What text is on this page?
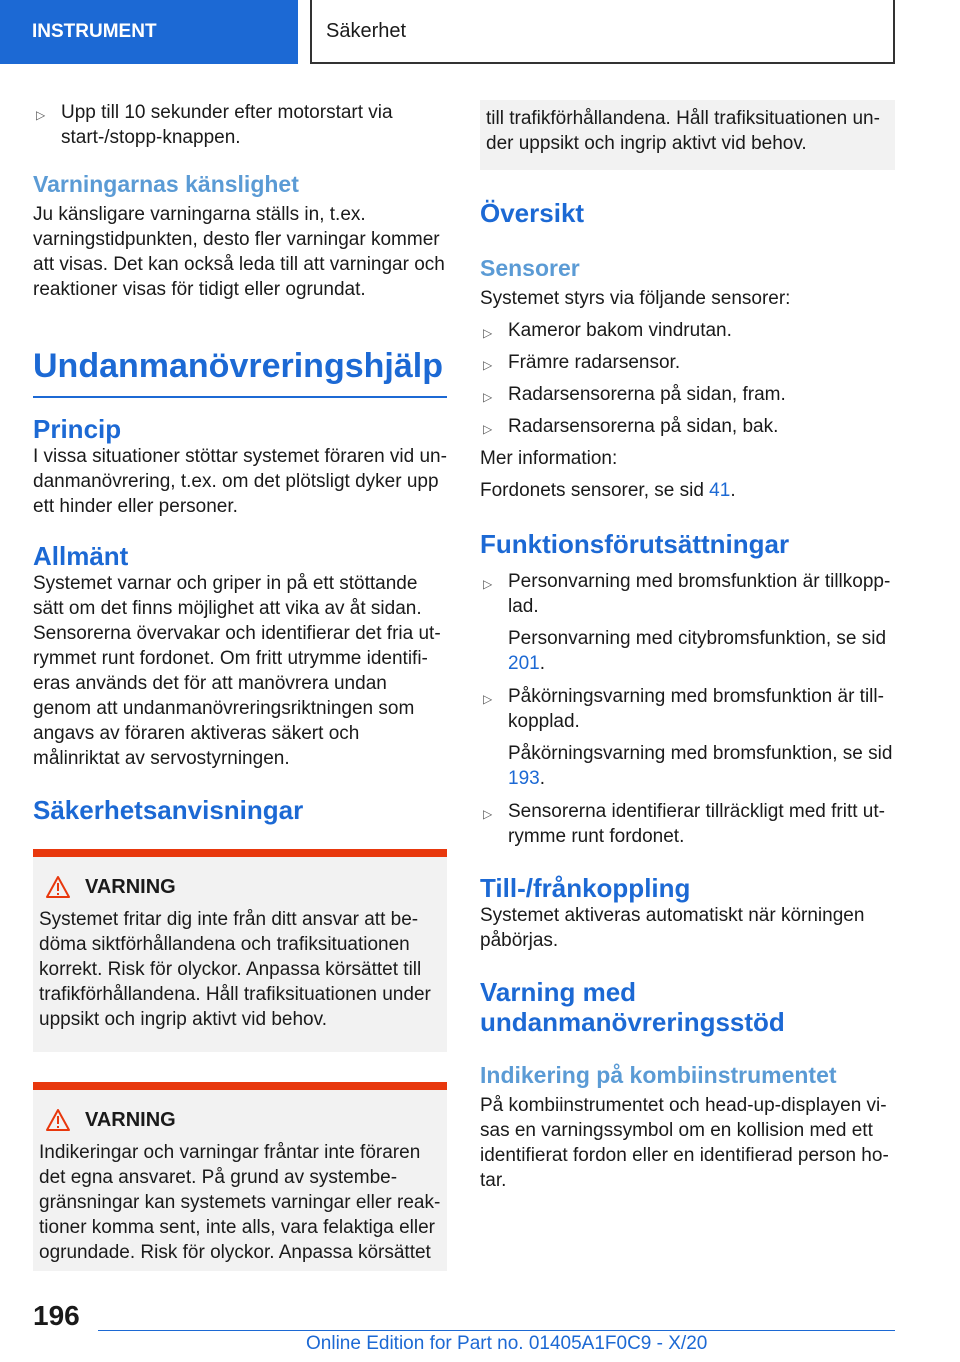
INSTRUMENT	Säkerhet

▷ Upp till 10 sekunder efter motorstart via start-/stopp-knappen.

Varningarnas känslighet

Ju känsligare varningarna ställs in, t.ex. varningstidpunkten, desto fler varningar kommer att visas. Det kan också leda till att varningar och reaktioner visas för tidigt eller ogrundat.

Undanmanövreringshjälp
Princip

I vissa situationer stöttar systemet föraren vid undanmanövrering, t.ex. om det plötsligt dyker upp ett hinder eller personer.

Allmänt

Systemet varnar och griper in på ett stöttande sätt om det finns möjlighet att vika av åt sidan. Sensorerna övervakar och identifierar det fria utrymmet runt fordonet. Om fritt utrymme identifieras används det för att manövrera undan genom att undanmanövreringsriktningen som angavs av föraren aktiveras säkert och målinriktat av servostyrningen.

Säkerhetsanvisningar
VARNING

Systemet fritar dig inte från ditt ansvar att bedöma siktförhållandena och trafiksituationen korrekt. Risk för olyckor. Anpassa körsättet till trafikförhållandena. Håll trafiksituationen under uppsikt och ingrip aktivt vid behov.

VARNING

Indikeringar och varningar fråntar inte föraren det egna ansvaret. På grund av systembegränsningar kan systemets varningar eller reaktioner komma sent, inte alls, vara felaktiga eller ogrundade. Risk för olyckor. Anpassa körsättet

till trafikförhållandena. Håll trafiksituationen under uppsikt och ingrip aktivt vid behov.

Översikt
Sensorer

Systemet styrs via följande sensorer:

▷ Kameror bakom vindrutan.

▷ Främre radarsensor.

▷ Radarsensorerna på sidan, fram.

▷ Radarsensorerna på sidan, bak.

Mer information:

Fordonets sensorer, se sid 41.

Funktionsförutsättningar

▷ Personvarning med bromsfunktion är tillkopplad.

Personvarning med citybromsfunktion, se sid 201.

▷ Påkörningsvarning med bromsfunktion är tillkopplad.

Påkörningsvarning med bromsfunktion, se sid 193.

▷ Sensorerna identifierar tillräckligt med fritt utrymme runt fordonet.

Till-/frånkoppling

Systemet aktiveras automatiskt när körningen påbörjas.

Varning med undanmanövreringsstöd
Indikering på kombiinstrumentet

På kombiinstrumentet och head-up-displayen visas en varningssymbol om en kollision med ett identifierat fordon eller en identifierad person hotar.

196
Online Edition for Part no. 01405A1F0C9 - X/20
